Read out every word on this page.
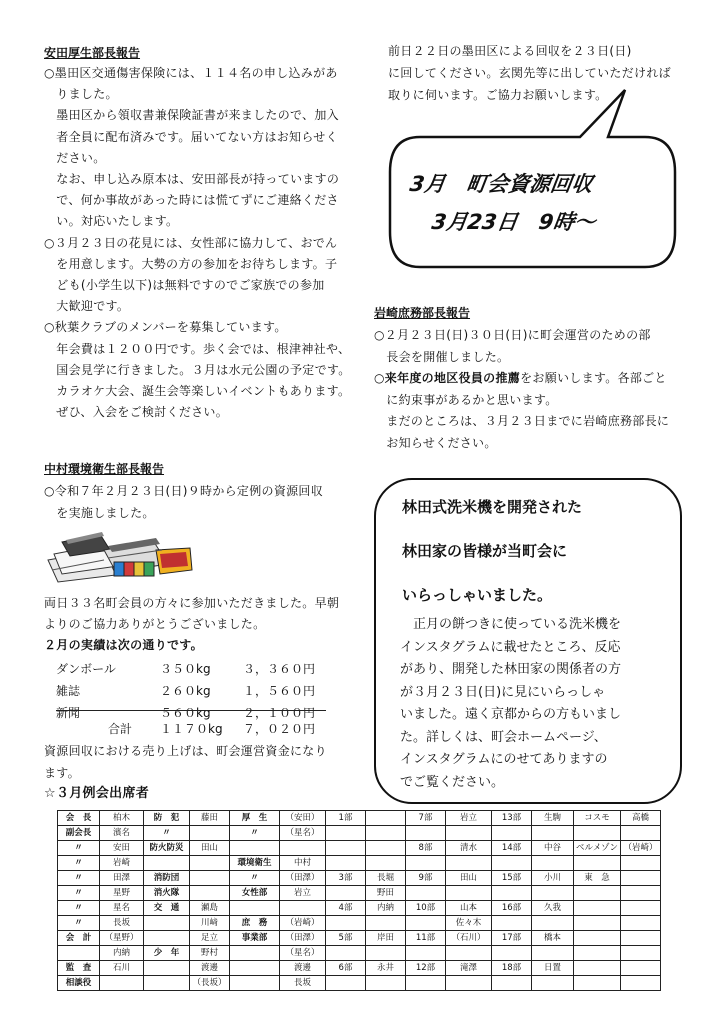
安田厚生部長報告
○墨田区交通傷害保険には、１１４名の申し込みがあ
　りました。
　墨田区から領収書兼保険証書が来ましたので、加入
　者全員に配布済みです。届いてない方はお知らせく
　ださい。
　なお、申し込み原本は、安田部長が持っていますの
　で、何か事故があった時には慌てずにご連絡くださ
　い。対応いたします。
○３月２３日の花見には、女性部に協力して、おでん
　を用意します。大勢の方の参加をお待ちします。子
　ども(小学生以下)は無料ですのでご家族での参加
　大歓迎です。
○秋葉クラブのメンバーを募集しています。
　年会費は１２００円です。歩く会では、根津神社や、
　国会見学に行きました。３月は水元公園の予定です。
　カラオケ大会、誕生会等楽しいイベントもあります。
　ぜひ、入会をご検討ください。
中村環境衛生部長報告
○令和７年２月２３日(日)９時から定例の資源回収
　を実施しました。
両日３３名町会員の方々に参加いただきました。早朝
よりのご協力ありがとうございました。
２月の実績は次の通りです。
ダンボール	３５０kg	３，３６０円
雑誌	２６０kg	１，５６０円
新聞	５６０kg	２，１００円
合計 １１７０kg ７，０２０円
資源回収における売り上げは、町会運営資金になり
ます。
☆３月例会出席者
前日２２日の墨田区による回収を２３日(日)
に回してください。玄関先等に出していただければ
取りに伺います。ご協力お願いします。
3月　町会資源回収
3月23日　9時～
岩崎庶務部長報告
○２月２３日(日)３０日(日)に町会運営のための部
　長会を開催しました。
○来年度の地区役員の推薦をお願いします。各部ごと
　に約束事があるかと思います。
　まだのところは、３月２３日までに岩崎庶務部長に
　お知らせください。
林田式洗米機を開発された
林田家の皆様が当町会に
いらっしゃいました。
　正月の餅つきに使っている洗米機を
インスタグラムに載せたところ、反応
があり、開発した林田家の関係者の方
が３月２３日(日)に見にいらっしゃ
いました。遠く京都からの方もいまし
た。詳しくは、町会ホームページ、
インスタグラムにのせてありますの
でご覧ください。
会　長	柏木	防　犯	藤田	厚　生	（安田）	1部		7部	岩立	13部	生駒	コスモ	高橋
副会長	濱名	〃		〃	（星名）								
〃	安田	防火防災	田山					8部	清水	14部	中谷	ベルメゾン	（岩崎）
〃	岩崎			環境衛生	中村								
〃	田澤	消防団		〃	（田澤）	3部	長堀	9部	田山	15部	小川	東　急	
〃	星野	消火隊		女性部	岩立		野田						
〃	星名	交　通	瀬島			4部	内納	10部	山本	16部	久我		
〃	長坂		川﨑	庶　務	（岩崎）				佐々木				
会　計	（星野）		足立	事業部	（田澤）	5部	岸田	11部	（石川）	17部	橋本		
	内納	少　年	野村		（星名）								
監　査	石川		渡邊		渡邊	6部	永井	12部	滝澤	18部	日置		
相談役			（長坂）		長坂								
